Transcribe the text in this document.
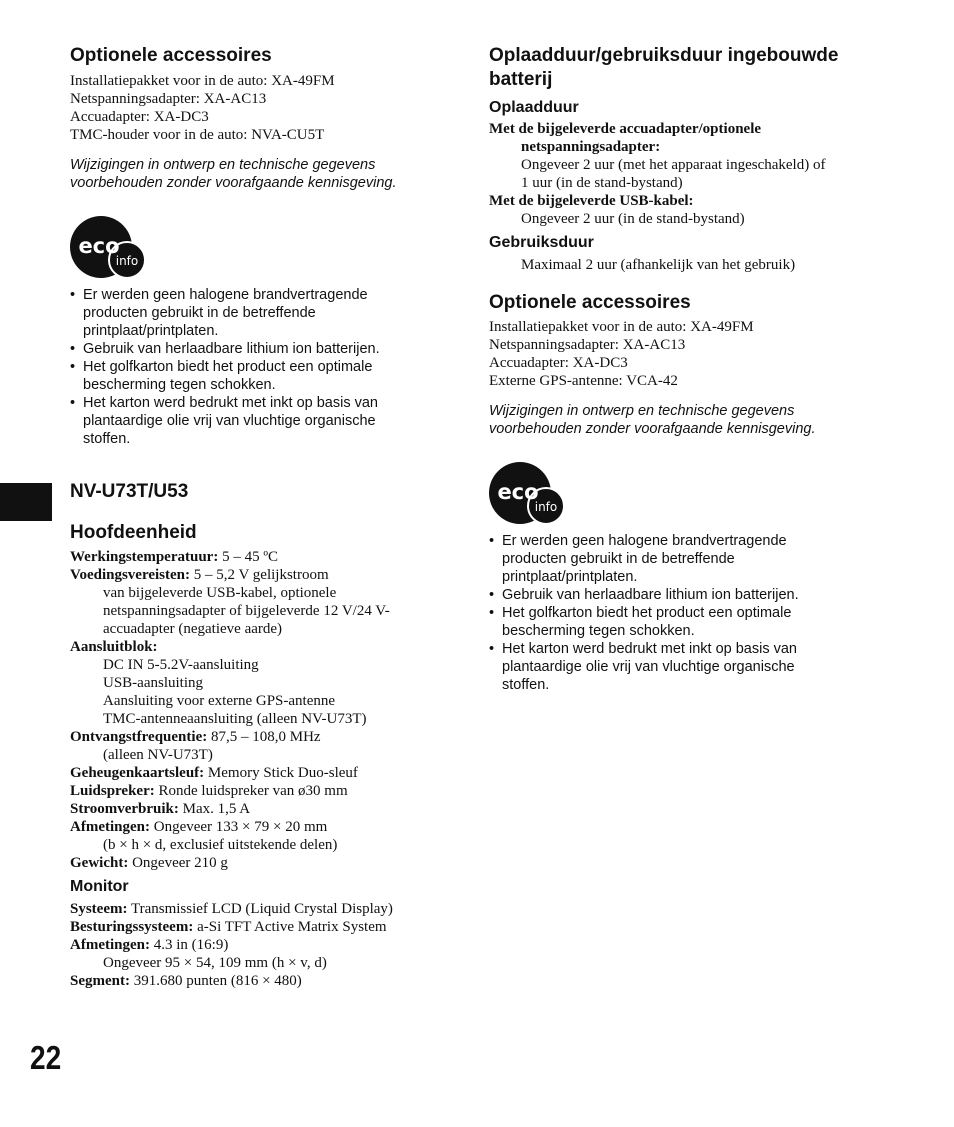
Optionele accessoires
Installatiepakket voor in de auto: XA-49FM
Netspanningsadapter: XA-AC13
Accuadapter: XA-DC3
TMC-houder voor in de auto: NVA-CU5T
Wijzigingen in ontwerp en technische gegevens
voorbehouden zonder voorafgaande kennisgeving.
eco
info
• Er werden geen halogene brandvertragende
producten gebruikt in de betreffende
printplaat/printplaten.
• Gebruik van herlaadbare lithium ion batterijen.
• Het golfkarton biedt het product een optimale
bescherming tegen schokken.
• Het karton werd bedrukt met inkt op basis van
plantaardige olie vrij van vluchtige organische
stoffen.
NV-U73T/U53
Hoofdeenheid
Werkingstemperatuur: 5 – 45 ºC
Voedingsvereisten: 5 – 5,2 V gelijkstroom
van bijgeleverde USB-kabel, optionele
netspanningsadapter of bijgeleverde 12 V/24 V-
accuadapter (negatieve aarde)
Aansluitblok:
DC IN 5-5.2V-aansluiting
USB-aansluiting
Aansluiting voor externe GPS-antenne
TMC-antenneaansluiting (alleen NV-U73T)
Ontvangstfrequentie: 87,5 – 108,0 MHz
(alleen NV-U73T)
Geheugenkaartsleuf: Memory Stick Duo-sleuf
Luidspreker: Ronde luidspreker van ø30 mm
Stroomverbruik: Max. 1,5 A
Afmetingen: Ongeveer 133 × 79 × 20 mm
(b × h × d, exclusief uitstekende delen)
Gewicht: Ongeveer 210 g
Monitor
Systeem: Transmissief LCD (Liquid Crystal Display)
Besturingssysteem: a-Si TFT Active Matrix System
Afmetingen: 4.3 in (16:9)
Ongeveer 95 × 54, 109 mm (h × v, d)
Segment: 391.680 punten (816 × 480)
Oplaadduur/gebruiksduur ingebouwde
batterij
Oplaadduur
Met de bijgeleverde accuadapter/optionele
netspanningsadapter:
Ongeveer 2 uur (met het apparaat ingeschakeld) of
1 uur (in de stand-bystand)
Met de bijgeleverde USB-kabel:
Ongeveer 2 uur (in de stand-bystand)
Gebruiksduur
Maximaal 2 uur (afhankelijk van het gebruik)
Optionele accessoires
Installatiepakket voor in de auto: XA-49FM
Netspanningsadapter: XA-AC13
Accuadapter: XA-DC3
Externe GPS-antenne: VCA-42
Wijzigingen in ontwerp en technische gegevens
voorbehouden zonder voorafgaande kennisgeving.
eco
info
• Er werden geen halogene brandvertragende
producten gebruikt in de betreffende
printplaat/printplaten.
• Gebruik van herlaadbare lithium ion batterijen.
• Het golfkarton biedt het product een optimale
bescherming tegen schokken.
• Het karton werd bedrukt met inkt op basis van
plantaardige olie vrij van vluchtige organische
stoffen.
22
